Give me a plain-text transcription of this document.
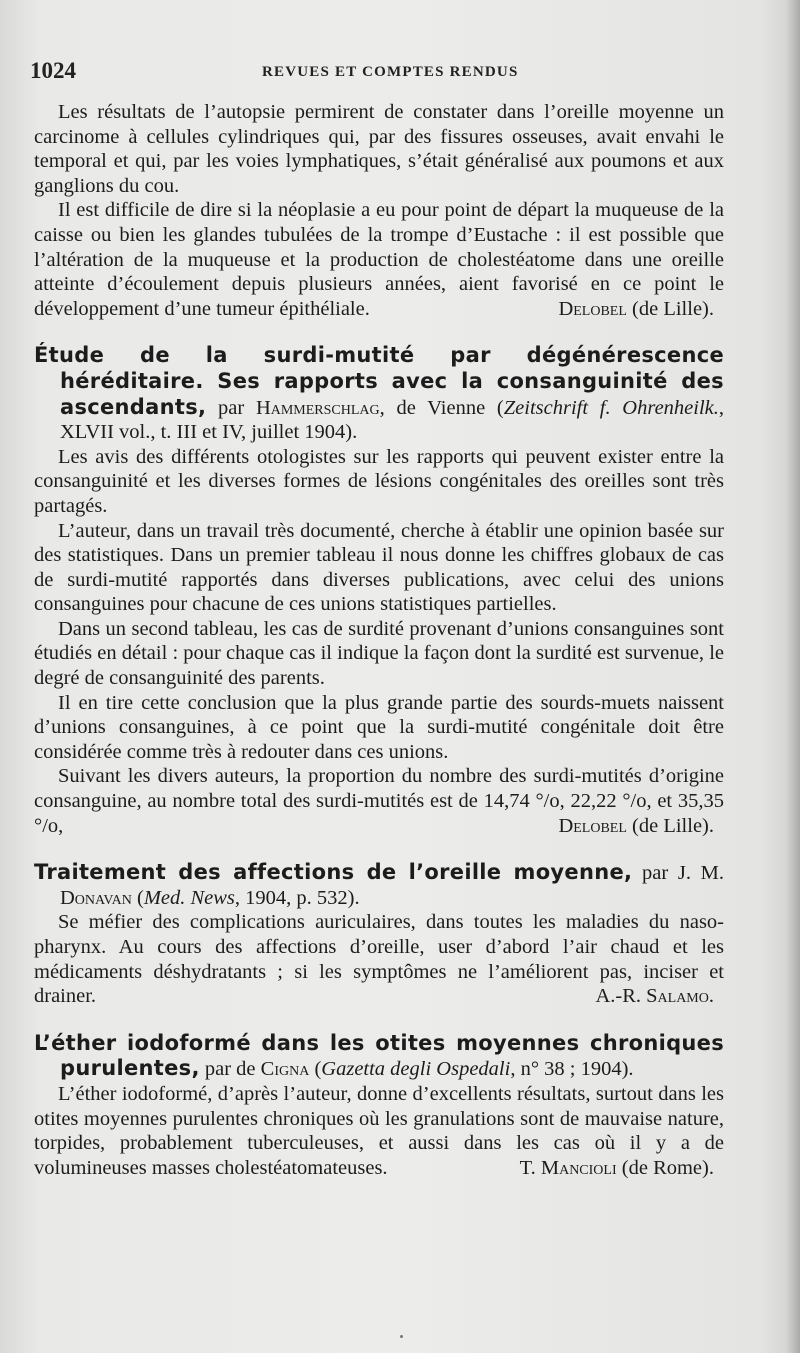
1024	REVUES ET COMPTES RENDUS

Les résultats de l’autopsie permirent de constater dans l’oreille moyenne un carcinome à cellules cylindriques qui, par des fissures osseuses, avait envahi le temporal et qui, par les voies lymphatiques, s’était généralisé aux poumons et aux ganglions du cou.

Il est difficile de dire si la néoplasie a eu pour point de départ la muqueuse de la caisse ou bien les glandes tubulées de la trompe d’Eustache : il est possible que l’altération de la muqueuse et la production de cholestéatome dans une oreille atteinte d’écoulement depuis plusieurs années, aient favorisé en ce point le développement d’une tumeur épithéliale.	Delobel (de Lille).

Étude de la surdi-mutité par dégénérescence héréditaire. Ses rapports avec la consanguinité des ascendants, par Hammerschlag, de Vienne (Zeitschrift f. Ohrenheilk., XLVII vol., t. III et IV, juillet 1904).

Les avis des différents otologistes sur les rapports qui peuvent exister entre la consanguinité et les diverses formes de lésions congénitales des oreilles sont très partagés.

L’auteur, dans un travail très documenté, cherche à établir une opinion basée sur des statistiques. Dans un premier tableau il nous donne les chiffres globaux de cas de surdi-mutité rapportés dans diverses publications, avec celui des unions consanguines pour chacune de ces unions statistiques partielles.

Dans un second tableau, les cas de surdité provenant d’unions consanguines sont étudiés en détail : pour chaque cas il indique la façon dont la surdité est survenue, le degré de consanguinité des parents.

Il en tire cette conclusion que la plus grande partie des sourds-muets naissent d’unions consanguines, à ce point que la surdi-mutité congénitale doit être considérée comme très à redouter dans ces unions.

Suivant les divers auteurs, la proportion du nombre des surdi-mutités d’origine consanguine, au nombre total des surdi-mutités est de 14,74 °/o, 22,22 °/o, et 35,35 °/o,	Delobel (de Lille).

Traitement des affections de l’oreille moyenne, par J. M. Donavan (Med. News, 1904, p. 532).

Se méfier des complications auriculaires, dans toutes les maladies du naso-pharynx. Au cours des affections d’oreille, user d’abord l’air chaud et les médicaments déshydratants ; si les symptômes ne l’améliorent pas, inciser et drainer.	A.-R. Salamo.

L’éther iodoformé dans les otites moyennes chroniques purulentes, par de Cigna (Gazetta degli Ospedali, n° 38 ; 1904).

L’éther iodoformé, d’après l’auteur, donne d’excellents résultats, surtout dans les otites moyennes purulentes chroniques où les granulations sont de mauvaise nature, torpides, probablement tuberculeuses, et aussi dans les cas où il y a de volumineuses masses cholestéatomateuses.	T. Mancioli (de Rome).
